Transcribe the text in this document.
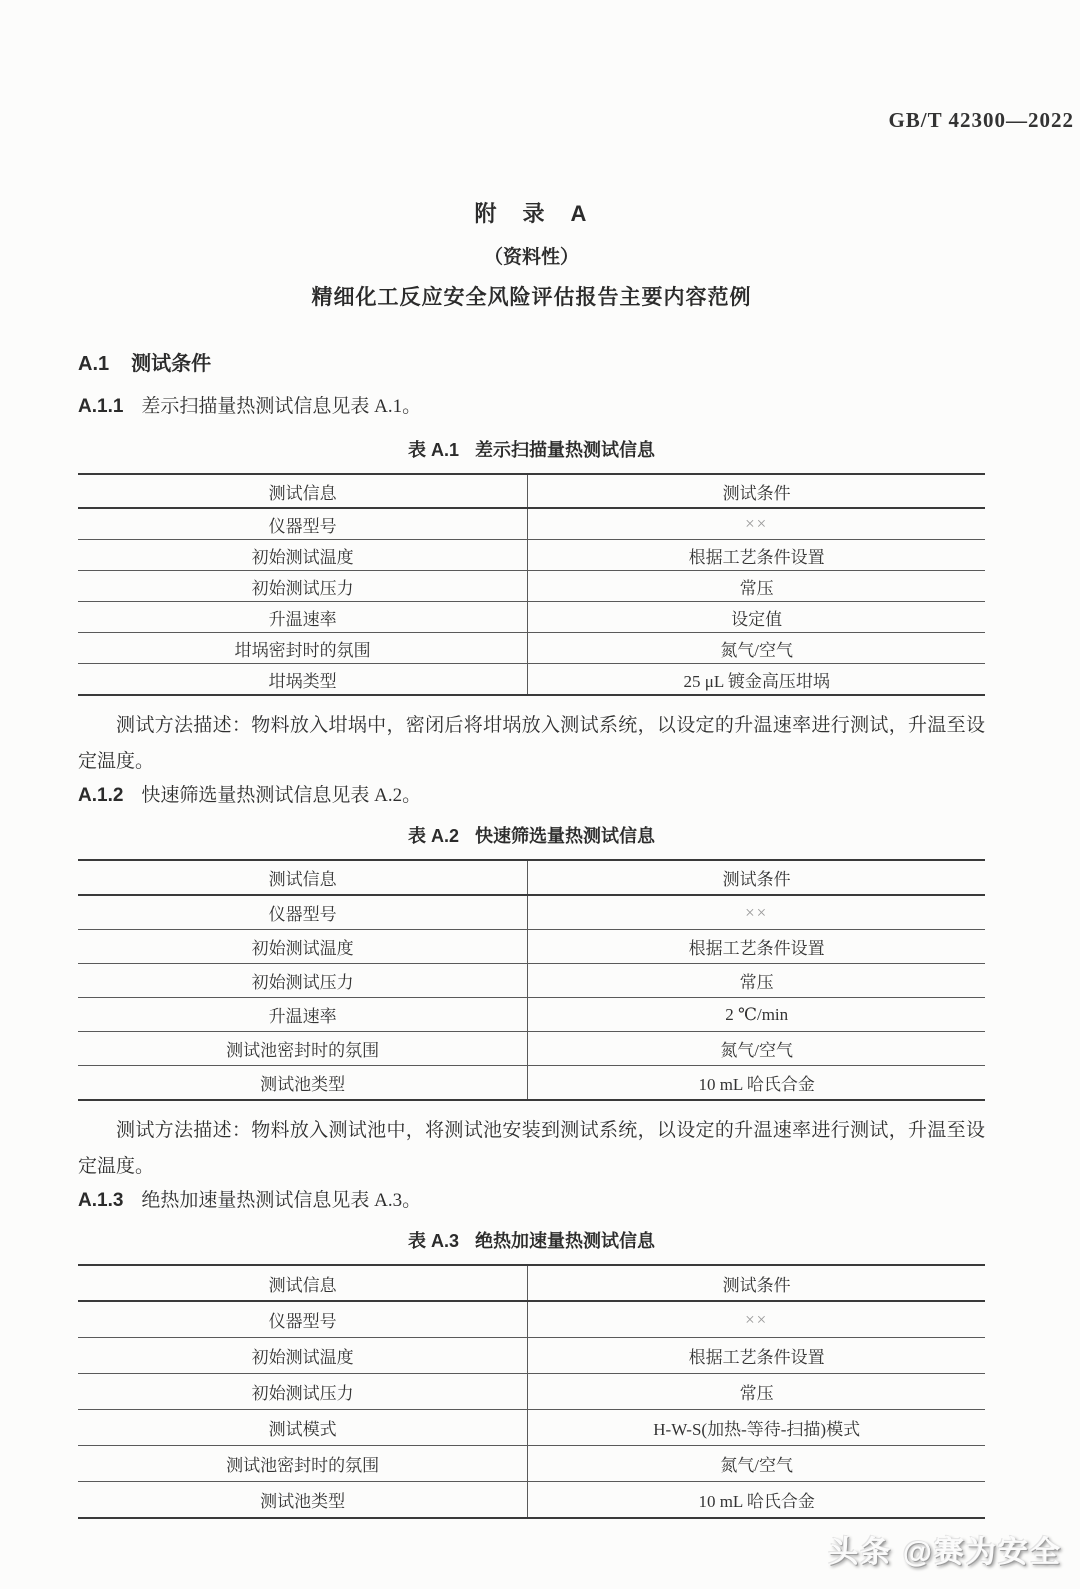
GB/T 42300—2022
附　录　A
（资料性）
精细化工反应安全风险评估报告主要内容范例
A.1 测试条件
A.1.1 差示扫描量热测试信息见表 A.1。
表 A.1 差示扫描量热测试信息
测试信息	测试条件
仪器型号	××
初始测试温度	根据工艺条件设置
初始测试压力	常压
升温速率	设定值
坩埚密封时的氛围	氮气/空气
坩埚类型	25 μL 镀金高压坩埚
测试方法描述：物料放入坩埚中，密闭后将坩埚放入测试系统，以设定的升温速率进行测试，升温至设定温度。
A.1.2 快速筛选量热测试信息见表 A.2。
表 A.2 快速筛选量热测试信息
测试信息	测试条件
仪器型号	××
初始测试温度	根据工艺条件设置
初始测试压力	常压
升温速率	2 ℃/min
测试池密封时的氛围	氮气/空气
测试池类型	10 mL 哈氏合金
测试方法描述：物料放入测试池中，将测试池安装到测试系统，以设定的升温速率进行测试，升温至设定温度。
A.1.3 绝热加速量热测试信息见表 A.3。
表 A.3 绝热加速量热测试信息
测试信息	测试条件
仪器型号	××
初始测试温度	根据工艺条件设置
初始测试压力	常压
测试模式	H-W-S(加热-等待-扫描)模式
测试池密封时的氛围	氮气/空气
测试池类型	10 mL 哈氏合金
头条 @赛为安全
